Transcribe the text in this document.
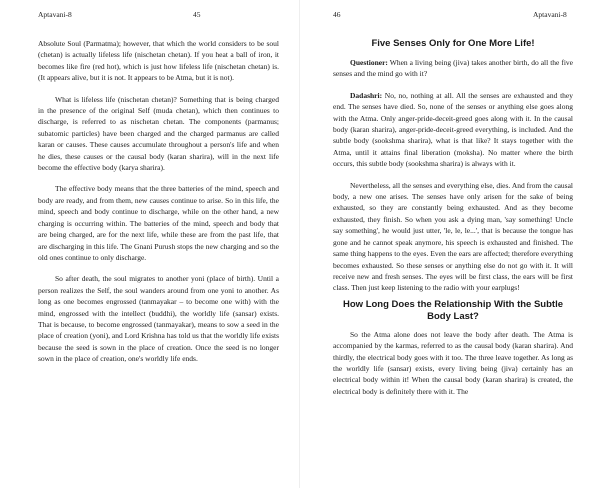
Aptavani-8	45

Absolute Soul (Parmatma); however, that which the world considers to be soul (chetan) is actually lifeless life (nischetan chetan). If you heat a ball of iron, it becomes like fire (red hot), which is just how lifeless life (nischetan chetan) is. (It appears alive, but it is not. It appears to be Atma, but it is not).

What is lifeless life (nischetan chetan)? Something that is being charged in the presence of the original Self (muda chetan), which then continues to discharge, is referred to as nischetan chetan. The components (parmanus; subatomic particles) have been charged and the charged parmanus are called karan or causes. These causes accumulate throughout a person's life and when he dies, these causes or the causal body (karan sharira), will in the next life become the effective body (karya sharira).

The effective body means that the three batteries of the mind, speech and body are ready, and from them, new causes continue to arise. So in this life, the mind, speech and body continue to discharge, while on the other hand, a new charging is occurring within. The batteries of the mind, speech and body that are being charged, are for the next life, while these are from the past life, that are discharging in this life. The Gnani Purush stops the new charging and so the old ones continue to only discharge.

So after death, the soul migrates to another yoni (place of birth). Until a person realizes the Self, the soul wanders around from one yoni to another. As long as one becomes engrossed (tanmayakar – to become one with) with the mind, engrossed with the intellect (buddhi), the worldly life (sansar) exists. That is because, to become engrossed (tanmayakar), means to sow a seed in the place of creation (yoni), and Lord Krishna has told us that the worldly life exists because the seed is sown in the place of creation. Once the seed is no longer sown in the place of creation, one's worldly life ends.

46	Aptavani-8
Five Senses Only for One More Life!

Questioner: When a living being (jiva) takes another birth, do all the five senses and the mind go with it?

Dadashri: No, no, nothing at all. All the senses are exhausted and they end. The senses have died. So, none of the senses or anything else goes along with the Atma. Only anger-pride-deceit-greed goes along with it. In the causal body (karan sharira), anger-pride-deceit-greed everything, is included. And the subtle body (sookshma sharira), what is that like? It stays together with the Atma, until it attains final liberation (moksha). No matter where the birth occurs, this subtle body (sookshma sharira) is always with it.

Nevertheless, all the senses and everything else, dies. And from the causal body, a new one arises. The senses have only arisen for the sake of being exhausted, so they are constantly being exhausted. And as they become exhausted, they finish. So when you ask a dying man, 'say something! Uncle say something', he would just utter, 'le, le, le...', that is because the tongue has gone and he cannot speak anymore, his speech is exhausted and finished. The same thing happens to the eyes. Even the ears are affected; therefore everything becomes exhausted. So these senses or anything else do not go with it. It will receive new and fresh senses. The eyes will be first class, the ears will be first class. Then just keep listening to the radio with your earplugs!

How Long Does the Relationship With the Subtle Body Last?

So the Atma alone does not leave the body after death. The Atma is accompanied by the karmas, referred to as the causal body (karan sharira). And thirdly, the electrical body goes with it too. The three leave together. As long as the worldly life (sansar) exists, every living being (jiva) certainly has an electrical body within it! When the causal body (karan sharira) is created, the electrical body is definitely there with it. The
